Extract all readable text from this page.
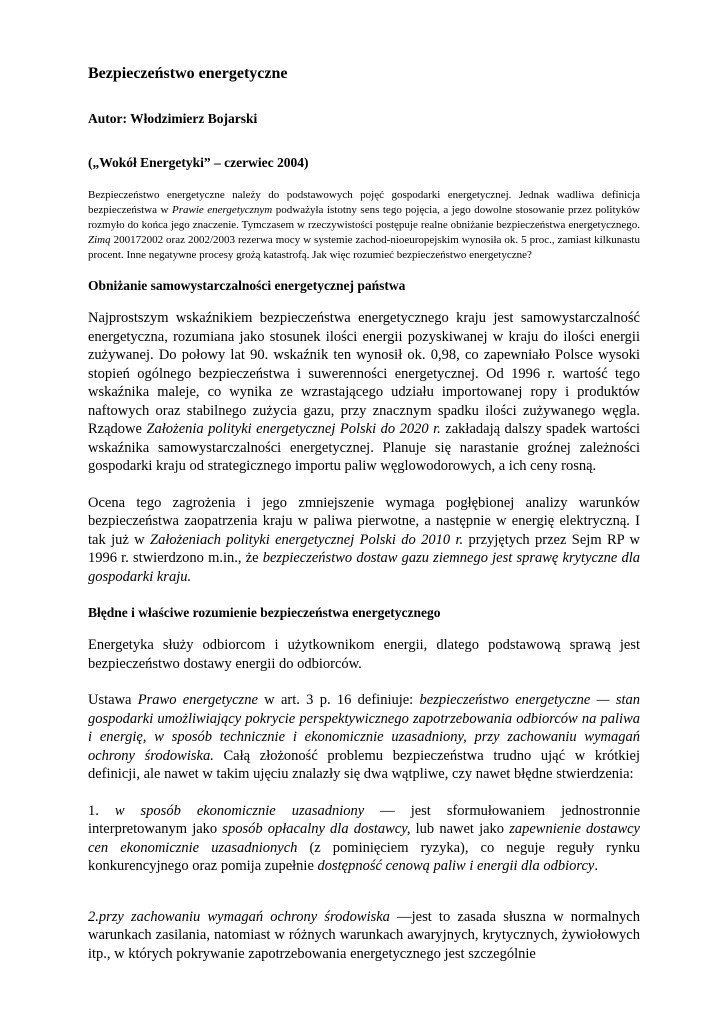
Bezpieczeństwo energetyczne
Autor: Włodzimierz Bojarski
(„Wokół Energetyki” – czerwiec 2004)

Bezpieczeństwo energetyczne należy do podstawowych pojęć gospodarki energetycznej. Jednak wadliwa definicja bezpieczeństwa w Prawie energetycznym podważyła istotny sens tego pojęcia, a jego dowolne stosowanie przez polityków rozmyło do końca jego znaczenie. Tymczasem w rzeczywistości postępuje realne obniżanie bezpieczeństwa energetycznego. Zimą 200172002 oraz 2002/2003 rezerwa mocy w systemie zachod-nioeuropejskim wynosiła ok. 5 proc., zamiast kilkunastu procent. Inne negatywne procesy grożą katastrofą. Jak więc rozumieć bezpieczeństwo energetyczne?

Obniżanie samowystarczalności energetycznej państwa

Najprostszym wskaźnikiem bezpieczeństwa energetycznego kraju jest samowystarczalność energetyczna, rozumiana jako stosunek ilości energii pozyskiwanej w kraju do ilości energii zużywanej. Do połowy lat 90. wskaźnik ten wynosił ok. 0,98, co zapewniało Polsce wysoki stopień ogólnego bezpieczeństwa i suwerenności energetycznej. Od 1996 r. wartość tego wskaźnika maleje, co wynika ze wzrastającego udziału importowanej ropy i produktów naftowych oraz stabilnego zużycia gazu, przy znacznym spadku ilości zużywanego węgla. Rządowe Założenia polityki energetycznej Polski do 2020 r. zakładają dalszy spadek wartości wskaźnika samowystarczalności energetycznej. Planuje się narastanie groźnej zależności gospodarki kraju od strategicznego importu paliw węglowodorowych, a ich ceny rosną.

Ocena tego zagrożenia i jego zmniejszenie wymaga pogłębionej analizy warunków bezpieczeństwa zaopatrzenia kraju w paliwa pierwotne, a następnie w energię elektryczną. I tak już w Założeniach polityki energetycznej Polski do 2010 r. przyjętych przez Sejm RP w 1996 r. stwierdzono m.in., że bezpieczeństwo dostaw gazu ziemnego jest sprawę krytyczne dla gospodarki kraju.

Błędne i właściwe rozumienie bezpieczeństwa energetycznego

Energetyka służy odbiorcom i użytkownikom energii, dlatego podstawową sprawą jest bezpieczeństwo dostawy energii do odbiorców.

Ustawa Prawo energetyczne w art. 3 p. 16 definiuje: bezpieczeństwo energetyczne — stan gospodarki umożliwiający pokrycie perspektywicznego zapotrzebowania odbiorców na paliwa i energię, w sposób technicznie i ekonomicznie uzasadniony, przy zachowaniu wymagań ochrony środowiska. Całą złożoność problemu bezpieczeństwa trudno ująć w krótkiej definicji, ale nawet w takim ujęciu znalazły się dwa wątpliwe, czy nawet błędne stwierdzenia:

1. w sposób ekonomicznie uzasadniony — jest sformułowaniem jednostronnie interpretowanym jako sposób opłacalny dla dostawcy, lub nawet jako zapewnienie dostawcy cen ekonomicznie uzasadnionych (z pominięciem ryzyka), co neguje reguły rynku konkurencyjnego oraz pomija zupełnie dostępność cenową paliw i energii dla odbiorcy.

2.przy zachowaniu wymagań ochrony środowiska —jest to zasada słuszna w normalnych warunkach zasilania, natomiast w różnych warunkach awaryjnych, krytycznych, żywiołowych itp., w których pokrywanie zapotrzebowania energetycznego jest szczególnie
